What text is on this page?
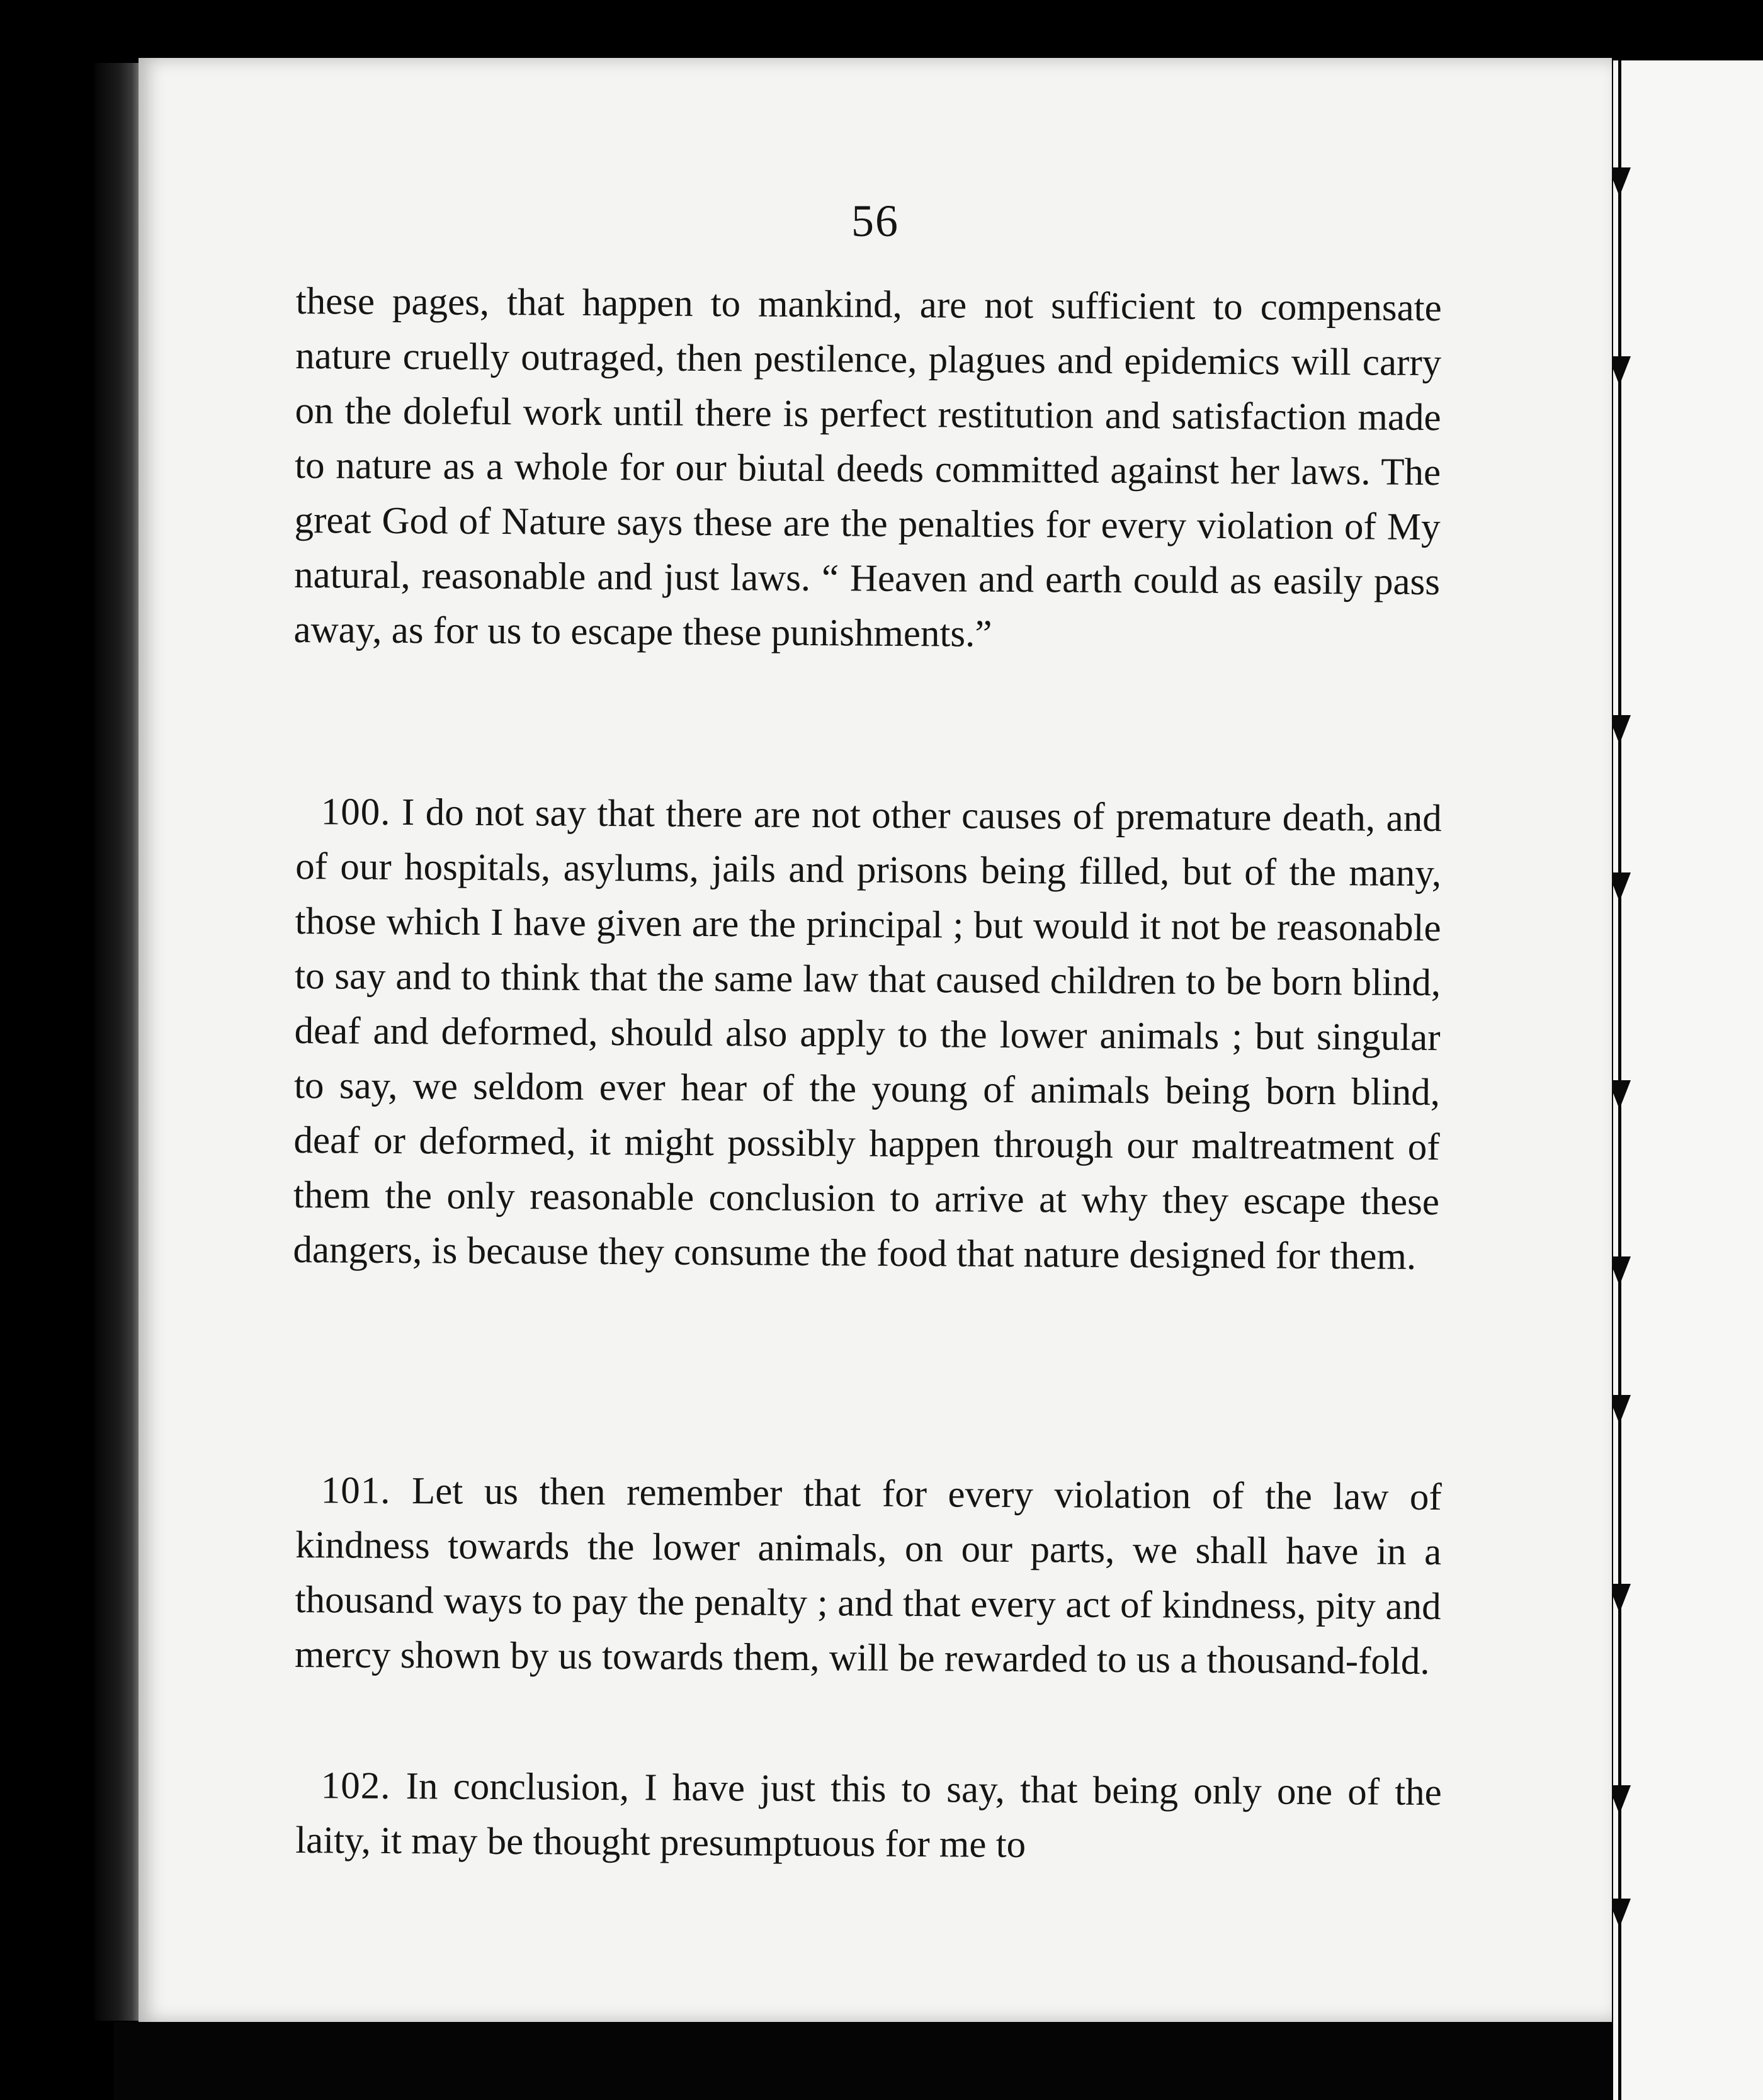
56

these pages, that happen to mankind, are not sufficient to compensate nature cruelly outraged, then pestilence, plagues and epidemics will carry on the doleful work until there is perfect restitution and satisfaction made to nature as a whole for our biutal deeds committed against her laws. The great God of Nature says these are the penalties for every violation of My natural, reasonable and just laws. “ Heaven and earth could as easily pass away, as for us to escape these punishments.”

100. I do not say that there are not other causes of premature death, and of our hospitals, asylums, jails and prisons being filled, but of the many, those which I have given are the principal ; but would it not be reasonable to say and to think that the same law that caused children to be born blind, deaf and deformed, should also apply to the lower animals ; but singular to say, we seldom ever hear of the young of animals being born blind, deaf or deformed, it might possibly happen through our maltreatment of them the only reasonable conclusion to arrive at why they escape these dangers, is because they consume the food that nature designed for them.

101. Let us then remember that for every violation of the law of kindness towards the lower animals, on our parts, we shall have in a thousand ways to pay the penalty ; and that every act of kindness, pity and mercy shown by us towards them, will be rewarded to us a thousand-fold.

102. In conclusion, I have just this to say, that being only one of the laity, it may be thought presumptuous for me to
